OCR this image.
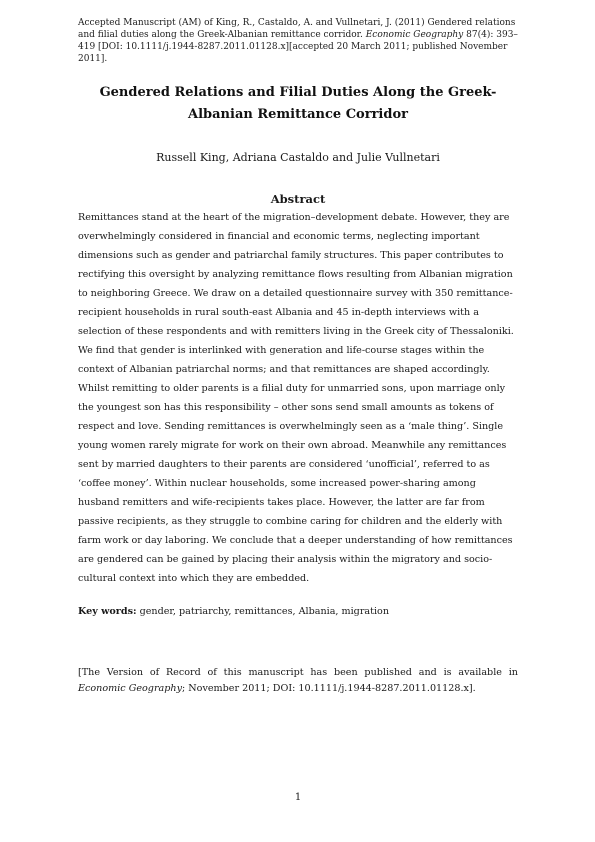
Accepted Manuscript (AM) of King, R., Castaldo, A. and Vullnetari, J. (2011) Gendered relations and filial duties along the Greek-Albanian remittance corridor. Economic Geography 87(4): 393–419 [DOI: 10.1111/j.1944-8287.2011.01128.x][accepted 20 March 2011; published November 2011].
Gendered Relations and Filial Duties Along the Greek-Albanian Remittance Corridor
Russell King, Adriana Castaldo and Julie Vullnetari
Abstract
Remittances stand at the heart of the migration–development debate. However, they are overwhelmingly considered in financial and economic terms, neglecting important dimensions such as gender and patriarchal family structures. This paper contributes to rectifying this oversight by analyzing remittance flows resulting from Albanian migration to neighboring Greece. We draw on a detailed questionnaire survey with 350 remittance-recipient households in rural south-east Albania and 45 in-depth interviews with a selection of these respondents and with remitters living in the Greek city of Thessaloniki. We find that gender is interlinked with generation and life-course stages within the context of Albanian patriarchal norms; and that remittances are shaped accordingly. Whilst remitting to older parents is a filial duty for unmarried sons, upon marriage only the youngest son has this responsibility – other sons send small amounts as tokens of respect and love. Sending remittances is overwhelmingly seen as a ‘male thing’. Single young women rarely migrate for work on their own abroad. Meanwhile any remittances sent by married daughters to their parents are considered ‘unofficial’, referred to as ‘coffee money’. Within nuclear households, some increased power-sharing among husband remitters and wife-recipients takes place. However, the latter are far from passive recipients, as they struggle to combine caring for children and the elderly with farm work or day laboring. We conclude that a deeper understanding of how remittances are gendered can be gained by placing their analysis within the migratory and socio-cultural context into which they are embedded.
Key words: gender, patriarchy, remittances, Albania, migration
[The Version of Record of this manuscript has been published and is available in Economic Geography; November 2011; DOI: 10.1111/j.1944-8287.2011.01128.x].
1
